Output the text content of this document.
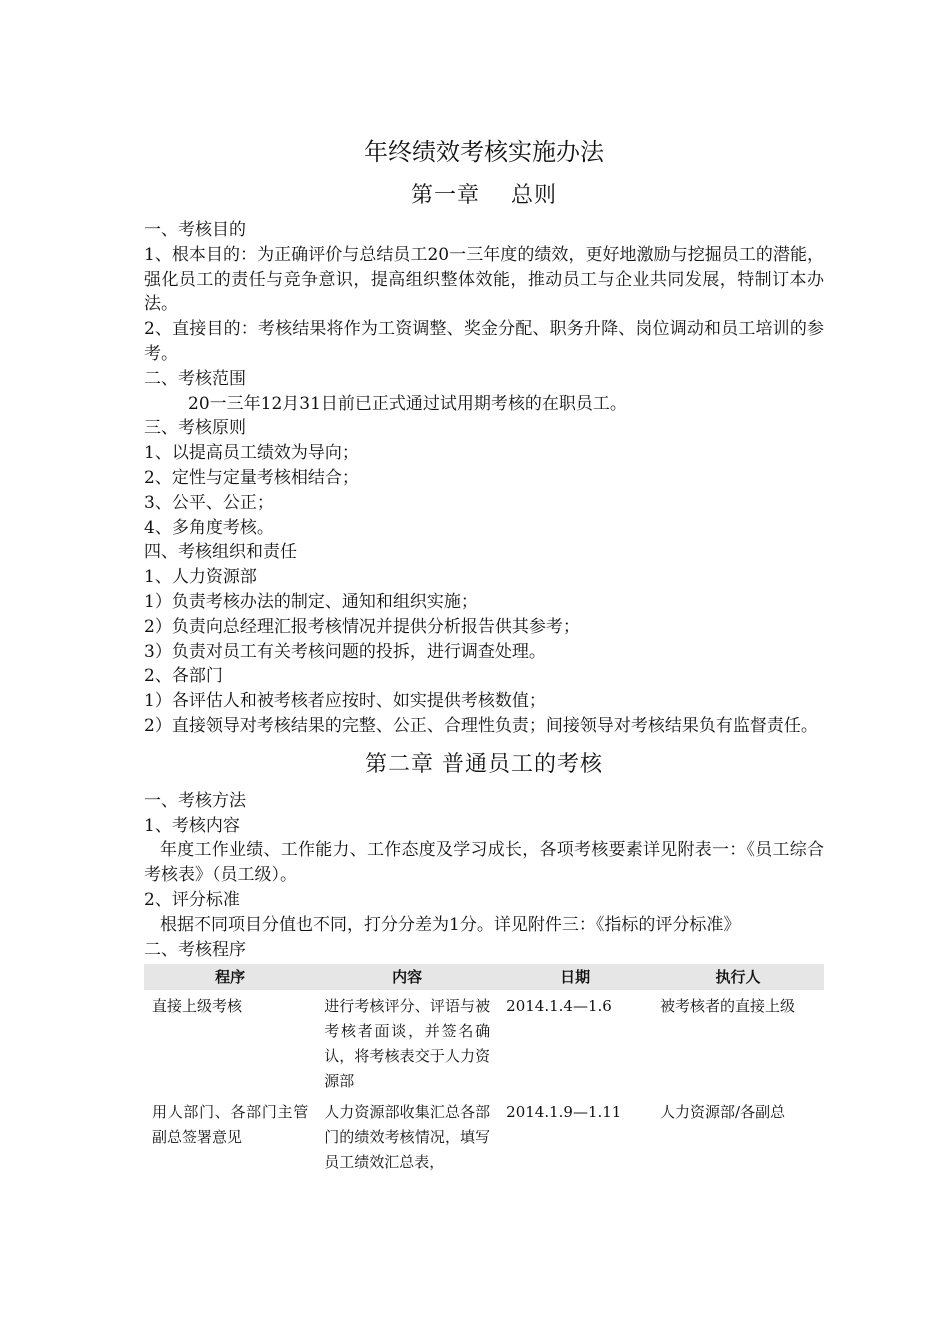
年终绩效考核实施办法
第一章　 总则

一、考核目的

1、根本目的：为正确评价与总结员工20一三年度的绩效，更好地激励与挖掘员工的潜能，强化员工的责任与竞争意识，提高组织整体效能，推动员工与企业共同发展，特制订本办法。

2、直接目的：考核结果将作为工资调整、奖金分配、职务升降、岗位调动和员工培训的参考。

二、考核范围

20一三年12月31日前已正式通过试用期考核的在职员工。

三、考核原则

1、以提高员工绩效为导向；

2、定性与定量考核相结合；

3、公平、公正；

4、多角度考核。

四、考核组织和责任

1、人力资源部

1）负责考核办法的制定、通知和组织实施；

2）负责向总经理汇报考核情况并提供分析报告供其参考；

3）负责对员工有关考核问题的投拆，进行调查处理。

2、各部门

1）各评估人和被考核者应按时、如实提供考核数值；

2）直接领导对考核结果的完整、公正、合理性负责；间接领导对考核结果负有监督责任。

第二章 普通员工的考核

一、考核方法

1、考核内容

年度工作业绩、工作能力、工作态度及学习成长，各项考核要素详见附表一：《员工综合考核表》（员工级）。

2、评分标准

根据不同项目分值也不同，打分分差为1分。详见附件三：《指标的评分标准》

二、考核程序

程序	内容	日期	执行人
直接上级考核	进行考核评分、评语与被考核者面谈，并签名确认，将考核表交于人力资源部	2014.1.4—1.6	被考核者的直接上级
用人部门、各部门主管副总签署意见	人力资源部收集汇总各部门的绩效考核情况，填写员工绩效汇总表，	2014.1.9—1.11	人力资源部/各副总
